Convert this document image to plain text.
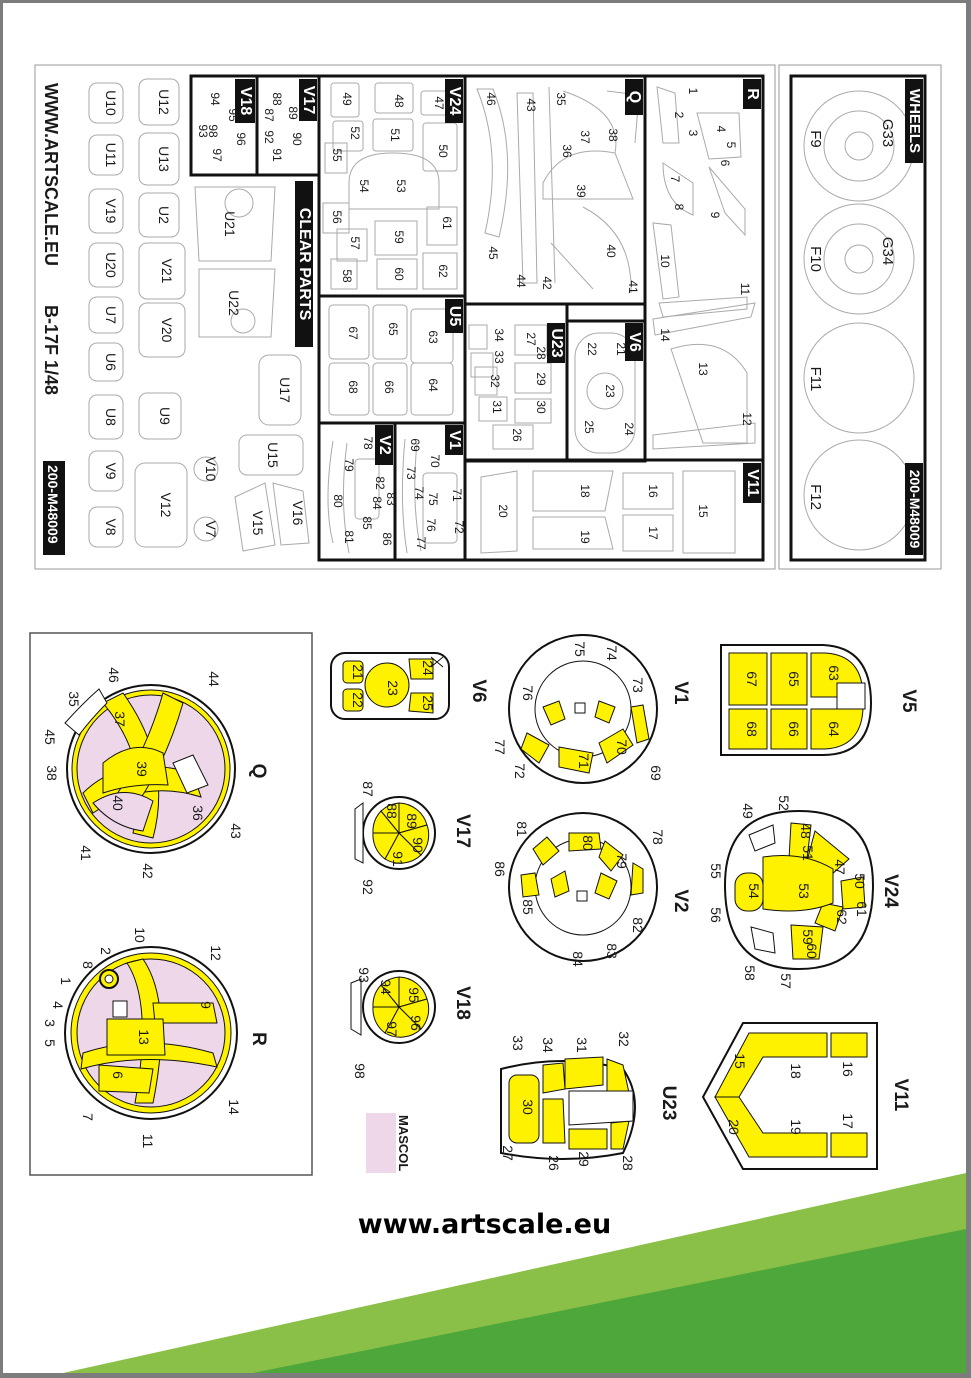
WWW.ARTSCALE.EU
B-17F 1/48
200-M48009
V18	V17	V24	Q	R
U5
U23	V6
V2	V1
V11
CLEAR PARTS
WHEELS
200-M48009
U10
U11
V19
U20
U7
U6
U8
V9
V8
U12
U13
U2
V21
V20
U9
V12
V10
V7
U21
U22
U17
U15
V15 V16
94
95
96
93
98
97
88
89
90
87
92
91
49	48 47
52 51
50
55
54 53
56
57	59
61
58	60	62
46 43 35
37 38
36
39
45
44 42
40
41
1
2
3
4
5
6
7
8
9
10
11
14
13
12
67 65
63
68 66	64
34
33
32
31
26
27
28
29
30
22 21
23
25 24
78
79
80
81
82
83
84
85
86
69
70
73
74 75 71
72
76
77
20
18
19
16
17
15
F9	G33
F10	G34
F11
F12
Q
44
46
35
37
45
38	39
40
36
43
41
42
R
10
12
2
8
1
4
3
5
9
13
6
7
11
14
V6
24
21
23
25
22	V1
75 74
73
76
77
72
71
70
69
V5
67 65 63
68 66 64
V17
87
88
89
90
91
92
V2
81
78
86
80
79
85
84
83
82
V24
49
52
48
51
47
50
61
55
54 53
62
56
59
60
58
57
V18
93
94
95
96
97
98
U23
33 34 31 32
30
27
26 29 28
V11
15
18	16
20	19	17
MASCOL
www.artscale.eu
